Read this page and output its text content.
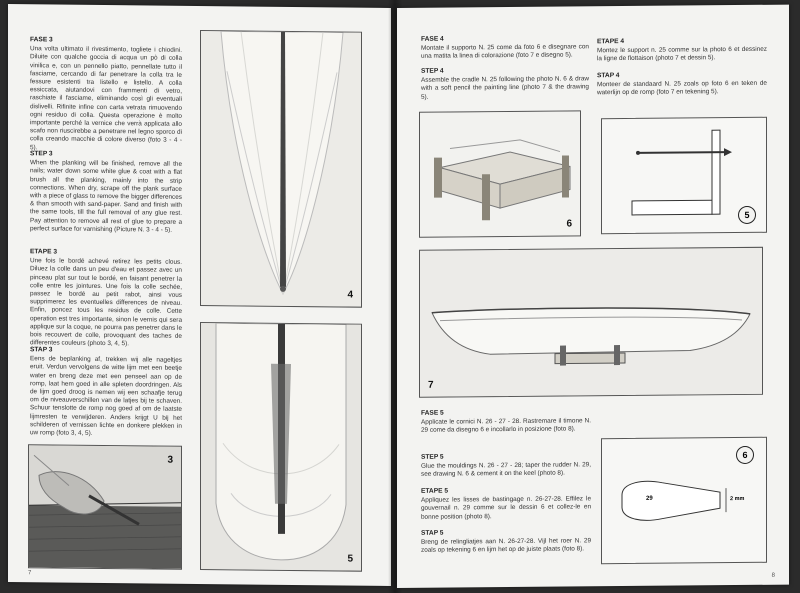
FASE 3

Una volta ultimato il rivestimento, togliete i chiodini. Diluite con qualche goccia di acqua un pò di colla vinilica e, con un pennello piatto, pennellate tutto il fasciame, cercando di far penetrare la colla tra le fessure esistenti tra listello e listello. A colla essiccata, aiutandovi con frammenti di vetro, raschiate il fasciame, eliminando così gli eventuali dislivelli. Rifinite infine con carta vetrata rimuovendo ogni residuo di colla. Questa operazione è molto importante perché la vernice che verrà applicata allo scafo non riuscirebbe a penetrare nel legno sporco di colla creando macchie di colore diverso (foto 3 - 4 - 5).

STEP 3

When the planking will be finished, remove all the nails; water down some white glue & coat with a flat brush all the planking, mainly into the strip connections. When dry, scrape off the plank surface with a piece of glass to remove the bigger differences & than smooth with sand-paper. Sand and finish with the same tools, till the full removal of any glue rest. Pay attention to remove all rest of glue to prepare a perfect surface for varnishing (Picture N. 3 - 4 - 5).

ETAPE 3

Une fois le bordé achevé retirez les petits clous. Diluez la colle dans un peu d'eau et passez avec un pinceau plat sur tout le bordé, en faisant penetrer la colle entre les jointures. Une fois la colle sechée, passez le bordé au petit rabot, ainsi vous supprimerez les eventuelles differences de niveau. Enfin, poncez tous les residus de colle. Cette operation est tres importante, sinon le vernis qui sera applique sur la coque, ne pourra pas penetrer dans le bois recouvert de colle, provoquant des taches de differentes couleurs (photo 3, 4, 5).

STAP 3

Eens de beplanking af, trekken wij alle nageltjes eruit. Verdun vervolgens de witte lijm met een beetje water en breng deze met een penseel aan op de romp, laat hem goed in alle spleten doordringen. Als de lijm goed droog is nemen wij een schaafje terug om de niveauverschillen van de latjes bij te schaven. Schuur tenslotte de romp nog goed af om de laatste lijmresten te verwijderen. Anders krijgt U bij het schilderen of vernissen lichte en donkere plekken in uw romp (foto 3, 4, 5).

4
5
3
7
FASE 4

Montate il supporto N. 25 come da foto 6 e disegnare con una matita la linea di colorazione (foto 7 e disegno 5).

STEP 4

Assemble the cradle N. 25 following the photo N. 6 & draw with a soft pencil the painting line (photo 7 & the drawing 5).

ETAPE 4

Montez le support n. 25 comme sur la photo 6 et dessinez la ligne de flottaison (photo 7 et dessin 5).

STAP 4

Monteer de standaard N. 25 zoals op foto 6 en teken de waterlijn op de romp (foto 7 en tekening 5).

6
5
7
FASE 5

Applicate le cornici N. 26 - 27 - 28. Rastremare il timone N. 29 come da disegno 6 e incollarlo in posizione (foto 8).

STEP 5

Glue the mouldings N. 26 - 27 - 28; taper the rudder N. 29, see drawing N. 6 & cement it on the keel (photo 8).

ETAPE 5

Appliquez les lisses de bastingage n. 26-27-28. Effilez le gouvernail n. 29 comme sur le dessin 6 et collez-le en bonne position (photo 8).

STAP 5

Breng de relingliatjes aan N. 26-27-28. Vijl het roer N. 29 zoals op tekening 6 en lijm het op de juiste plaats (foto 8).

6
29	2 mm
8
